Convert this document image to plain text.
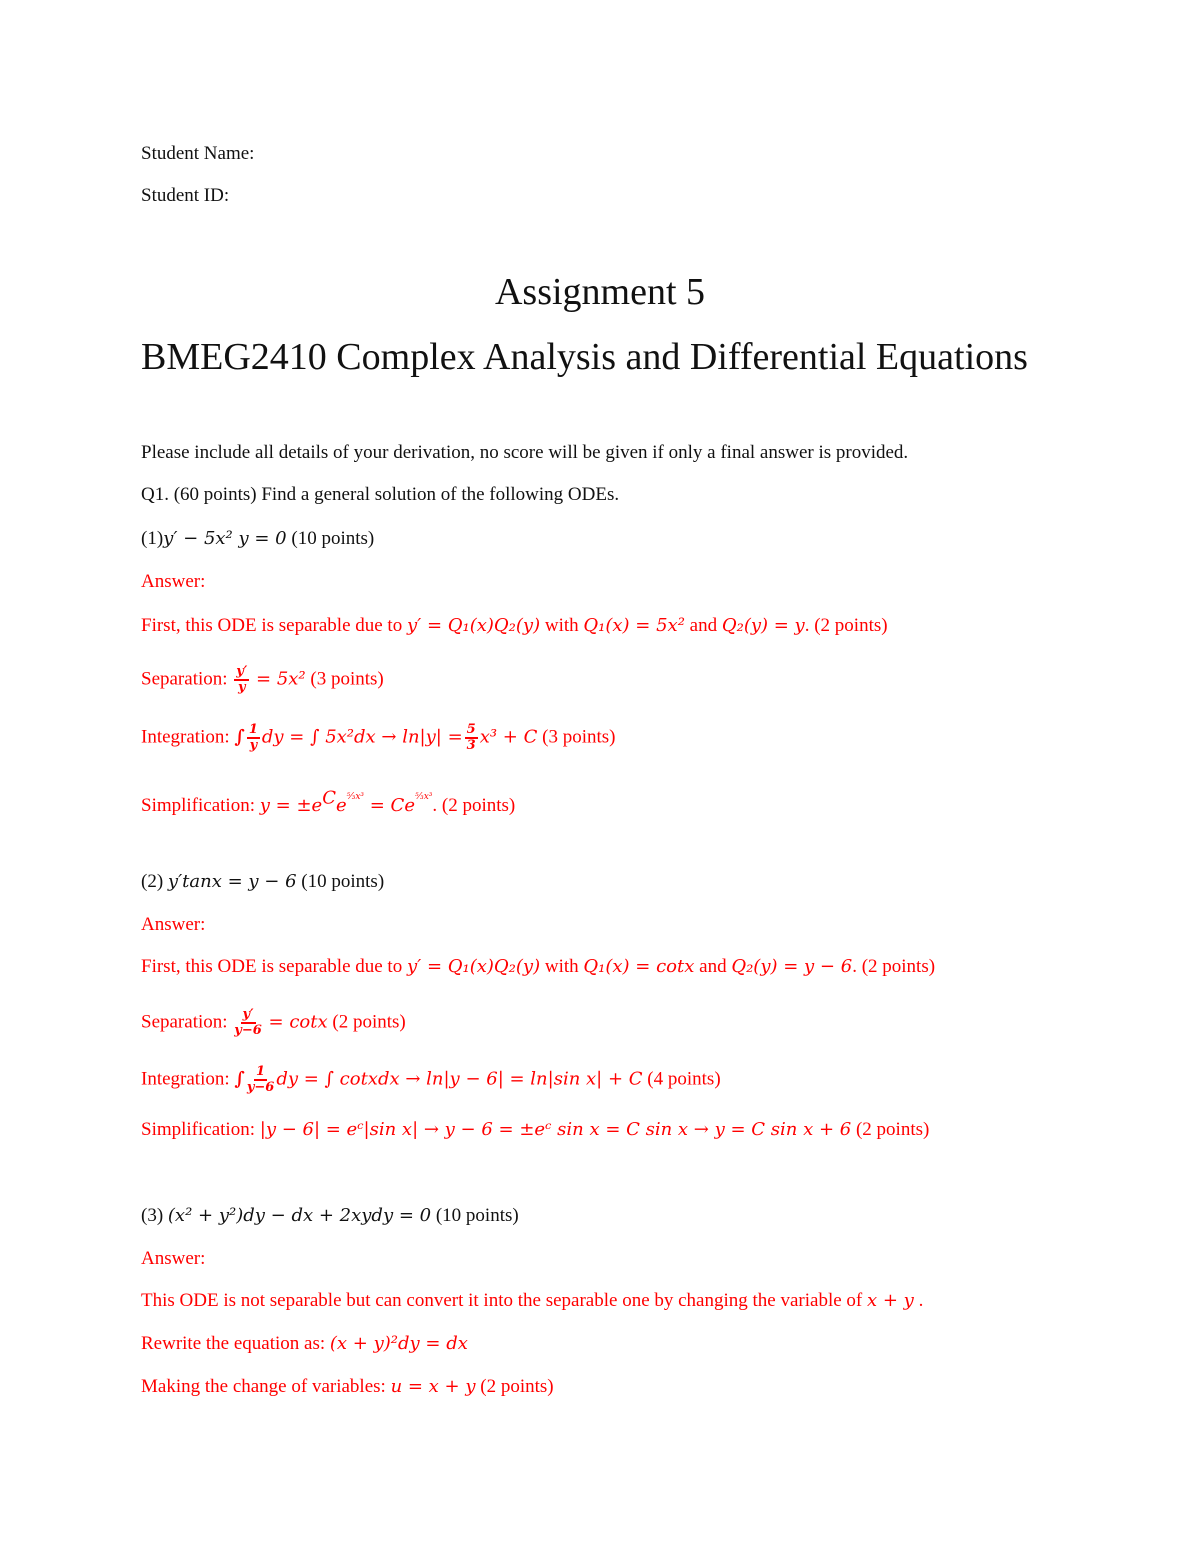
Student Name:
Student ID:
Assignment 5
BMEG2410 Complex Analysis and Differential Equations
Please include all details of your derivation, no score will be given if only a final answer is provided.
Q1. (60 points) Find a general solution of the following ODEs.
(1)y′ − 5x² y = 0 (10 points)
Answer:
First, this ODE is separable due to y′ = Q₁(x)Q₂(y) with Q₁(x) = 5x² and Q₂(y) = y. (2 points)
Separation: $\frac{y'}{y} = 5x^2$ (3 points)
Integration: ∫ $\frac{1}{y}$ dy = ∫ $5x^2dx \to \ln|y| = \frac{5}{3} x^3 + C$ (3 points)
Simplification: $y = \pm e^Ce^{^5⁄_3x^3} = Ce^{^5⁄_3x^3}$. (2 points)
(2) y′tanx = y − 6 (10 points)
Answer:
First, this ODE is separable due to y′ = Q₁(x)Q₂(y) with Q₁(x) = cotx and Q₂(y) = y − 6. (2 points)
Separation: $\frac{y'}{y-6} = \cot x$ (2 points)
Integration: ∫ $\frac{1}{y-6}$ dy = ∫ cotxdx → ln|y − 6| = ln|sin x| + C (4 points)
Simplification: |y − 6| = eᶜ|sin x| → y − 6 = ±eᶜ sin x = C sin x → y = C sin x + 6 (2 points)
(3) (x² + y²)dy − dx + 2xydy = 0 (10 points)
Answer:
This ODE is not separable but can convert it into the separable one by changing the variable of x + y .
Rewrite the equation as: (x + y)²dy = dx
Making the change of variables: u = x + y (2 points)
